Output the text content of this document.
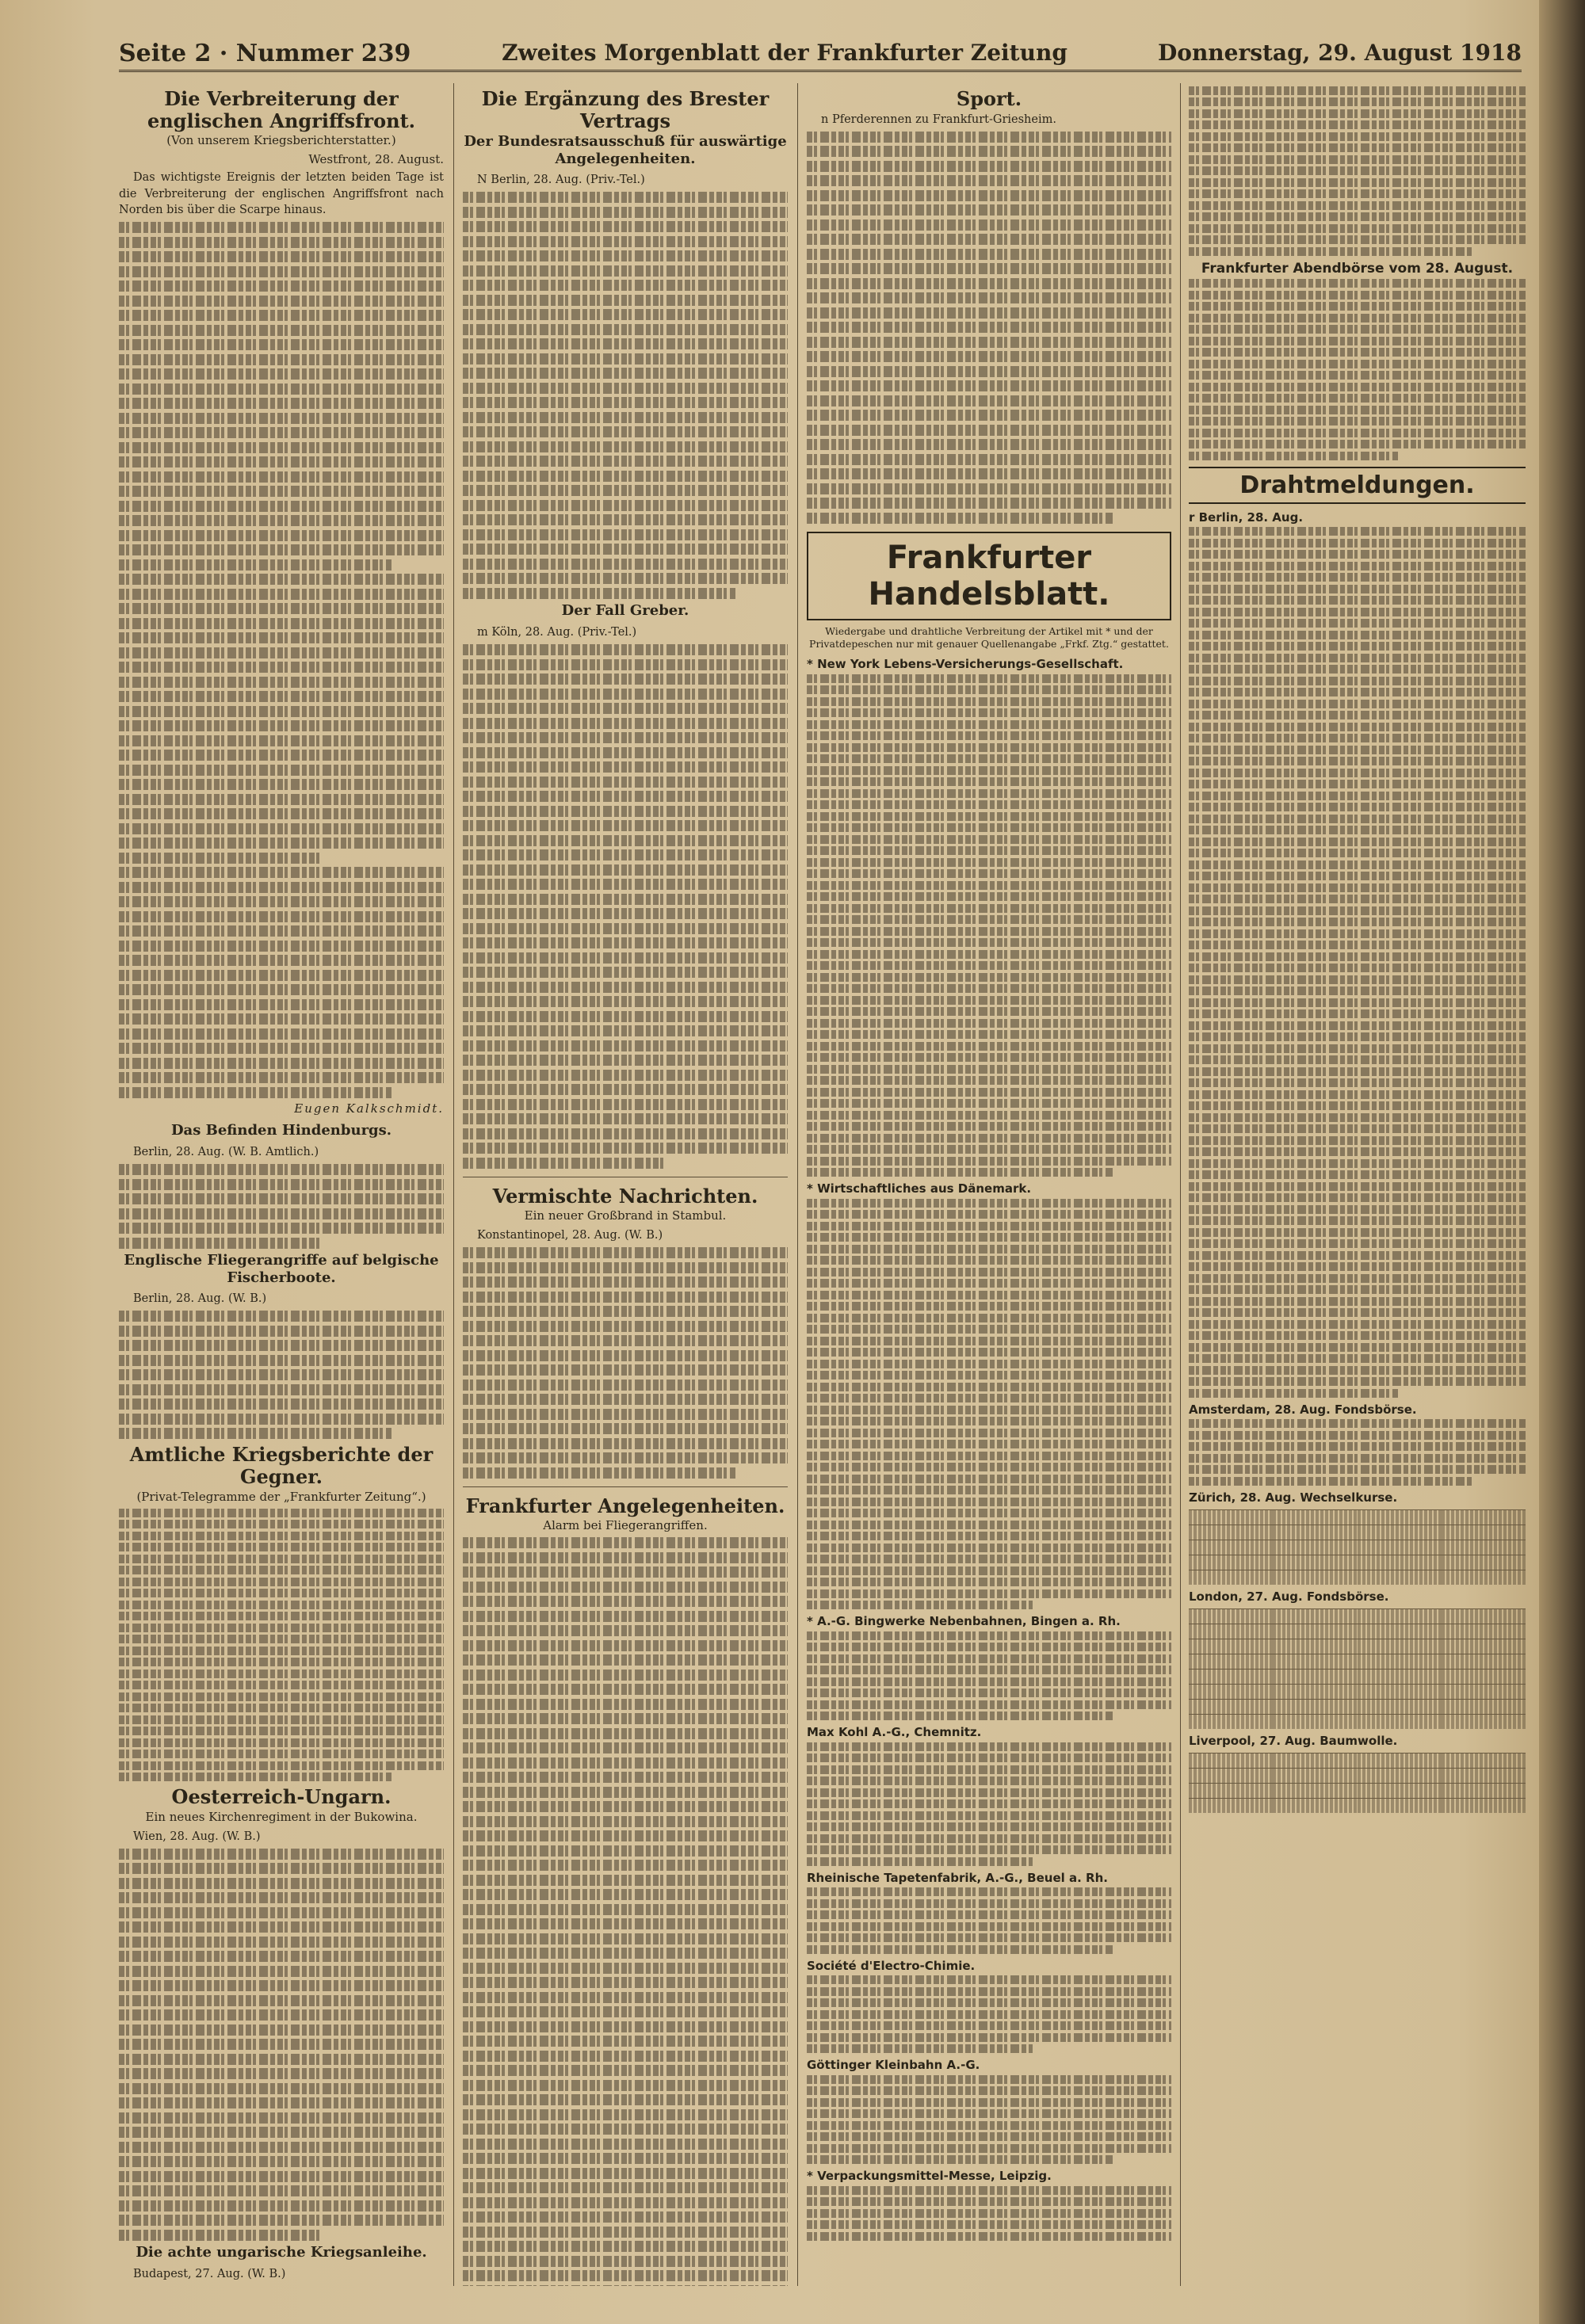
Seite 2 · Nummer 239	Zweites Morgenblatt der Frankfurter Zeitung	Donnerstag, 29. August 1918
Die Verbreiterung der englischen Angriffsfront.
(Von unserem Kriegsberichterstatter.)
Westfront, 28. August.

Das wichtigste Ereignis der letzten beiden Tage ist die Verbreiterung der englischen Angriffsfront nach Norden bis über die Scarpe hinaus.

Eugen Kalkschmidt.
Das Befinden Hindenburgs.

Berlin, 28. Aug. (W. B. Amtlich.)

Englische Fliegerangriffe auf belgische Fischerboote.

Berlin, 28. Aug. (W. B.)

Amtliche Kriegsberichte der Gegner.
(Privat-Telegramme der „Frankfurter Zeitung“.)
Oesterreich-Ungarn.
Ein neues Kirchenregiment in der Bukowina.

Wien, 28. Aug. (W. B.)

Die achte ungarische Kriegsanleihe.

Budapest, 27. Aug. (W. B.)

Die Ergänzung des Brester Vertrags
Der Bundesratsausschuß für auswärtige Angelegenheiten.

N Berlin, 28. Aug. (Priv.-Tel.)

Der Fall Greber.

m Köln, 28. Aug. (Priv.-Tel.)

Vermischte Nachrichten.
Ein neuer Großbrand in Stambul.

Konstantinopel, 28. Aug. (W. B.)

Frankfurter Angelegenheiten.
Alarm bei Fliegerangriffen.
Sport.

n Pferderennen zu Frankfurt-Griesheim.

Frankfurter Handelsblatt.
Wiedergabe und drahtliche Verbreitung der Artikel mit * und der Privatdepeschen nur mit genauer Quellenangabe „Frkf. Ztg.“ gestattet.
* New York Lebens-Versicherungs-Gesellschaft.
* Wirtschaftliches aus Dänemark.
* A.-G. Bingwerke Nebenbahnen, Bingen a. Rh.
Max Kohl A.-G., Chemnitz.
Rheinische Tapetenfabrik, A.-G., Beuel a. Rh.
Société d'Electro-Chimie.
Göttinger Kleinbahn A.-G.
* Verpackungsmittel-Messe, Leipzig.
Frankfurter Abendbörse vom 28. August.
Drahtmeldungen.
r Berlin, 28. Aug.
Amsterdam, 28. Aug. Fondsbörse.
Zürich, 28. Aug. Wechselkurse.

London, 27. Aug. Fondsbörse.

Liverpool, 27. Aug. Baumwolle.
